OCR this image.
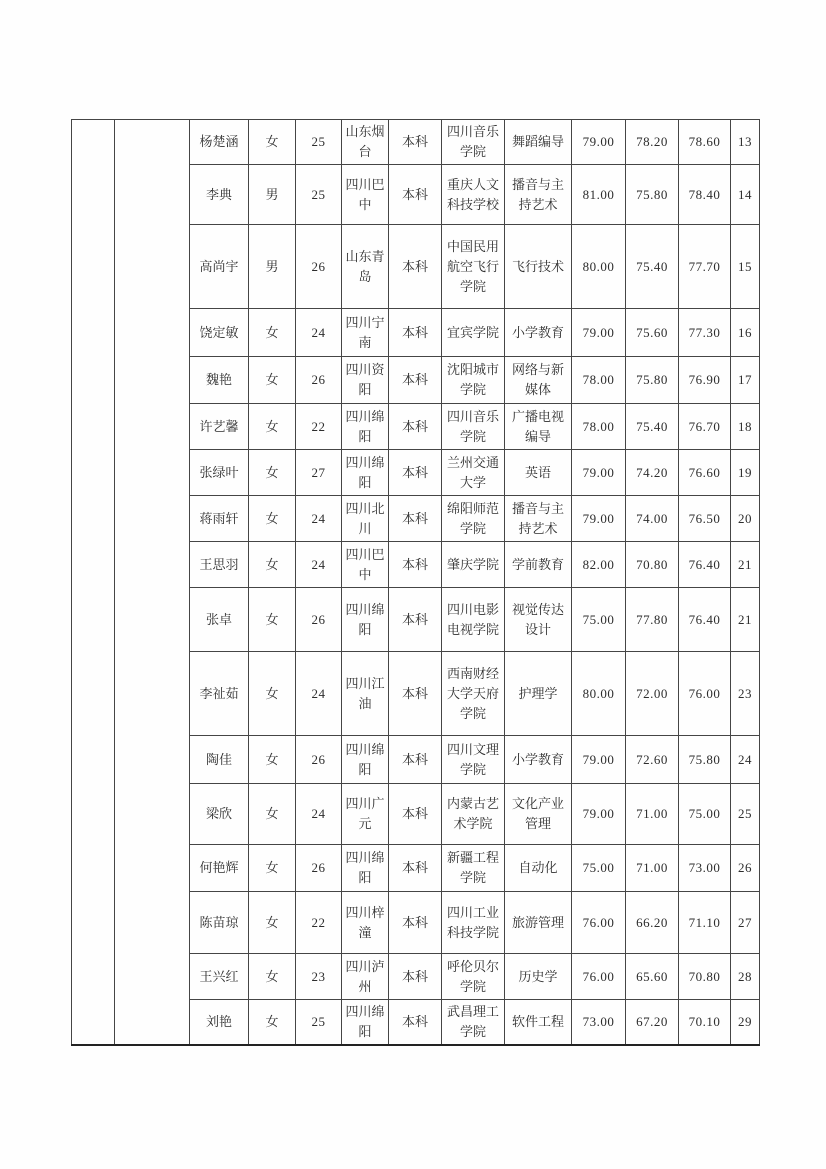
		杨楚涵	女	25	山东烟台	本科	四川音乐学院	舞蹈编导	79.00	78.20	78.60	13
		李典	男	25	四川巴中	本科	重庆人文科技学校	播音与主持艺术	81.00	75.80	78.40	14
		高尚宇	男	26	山东青岛	本科	中国民用航空飞行学院	飞行技术	80.00	75.40	77.70	15
		饶定敏	女	24	四川宁南	本科	宜宾学院	小学教育	79.00	75.60	77.30	16
		魏艳	女	26	四川资阳	本科	沈阳城市学院	网络与新媒体	78.00	75.80	76.90	17
		许艺馨	女	22	四川绵阳	本科	四川音乐学院	广播电视编导	78.00	75.40	76.70	18
		张绿叶	女	27	四川绵阳	本科	兰州交通大学	英语	79.00	74.20	76.60	19
		蒋雨轩	女	24	四川北川	本科	绵阳师范学院	播音与主持艺术	79.00	74.00	76.50	20
		王思羽	女	24	四川巴中	本科	肇庆学院	学前教育	82.00	70.80	76.40	21
		张卓	女	26	四川绵阳	本科	四川电影电视学院	视觉传达设计	75.00	77.80	76.40	21
		李祉茹	女	24	四川江油	本科	西南财经大学天府学院	护理学	80.00	72.00	76.00	23
		陶佳	女	26	四川绵阳	本科	四川文理学院	小学教育	79.00	72.60	75.80	24
		梁欣	女	24	四川广元	本科	内蒙古艺术学院	文化产业管理	79.00	71.00	75.00	25
		何艳辉	女	26	四川绵阳	本科	新疆工程学院	自动化	75.00	71.00	73.00	26
		陈苗琼	女	22	四川梓潼	本科	四川工业科技学院	旅游管理	76.00	66.20	71.10	27
		王兴红	女	23	四川泸州	本科	呼伦贝尔学院	历史学	76.00	65.60	70.80	28
		刘艳	女	25	四川绵阳	本科	武昌理工学院	软件工程	73.00	67.20	70.10	29
